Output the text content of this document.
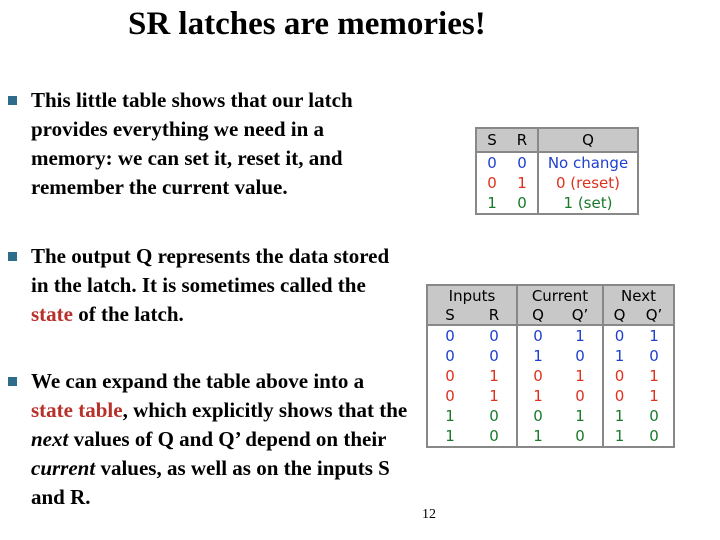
SR latches are memories!
This little table shows that our latch provides everything we need in a memory: we can set it, reset it, and remember the current value.
The output Q represents the data stored in the latch. It is sometimes called the state of the latch.
We can expand the table above into a state table, which explicitly shows that the next values of Q and Q’ depend on their current values, as well as on the inputs S and R.
S	R	Q
0	0	No change
0	1	0 (reset)
1	0	1 (set)
Inputs		Current		Next	
S	R	Q	Q’	Q	Q’
0	0	0	1	0	1
0	0	1	0	1	0
0	1	0	1	0	1
0	1	1	0	0	1
1	0	0	1	1	0
1	0	1	0	1	0
12
